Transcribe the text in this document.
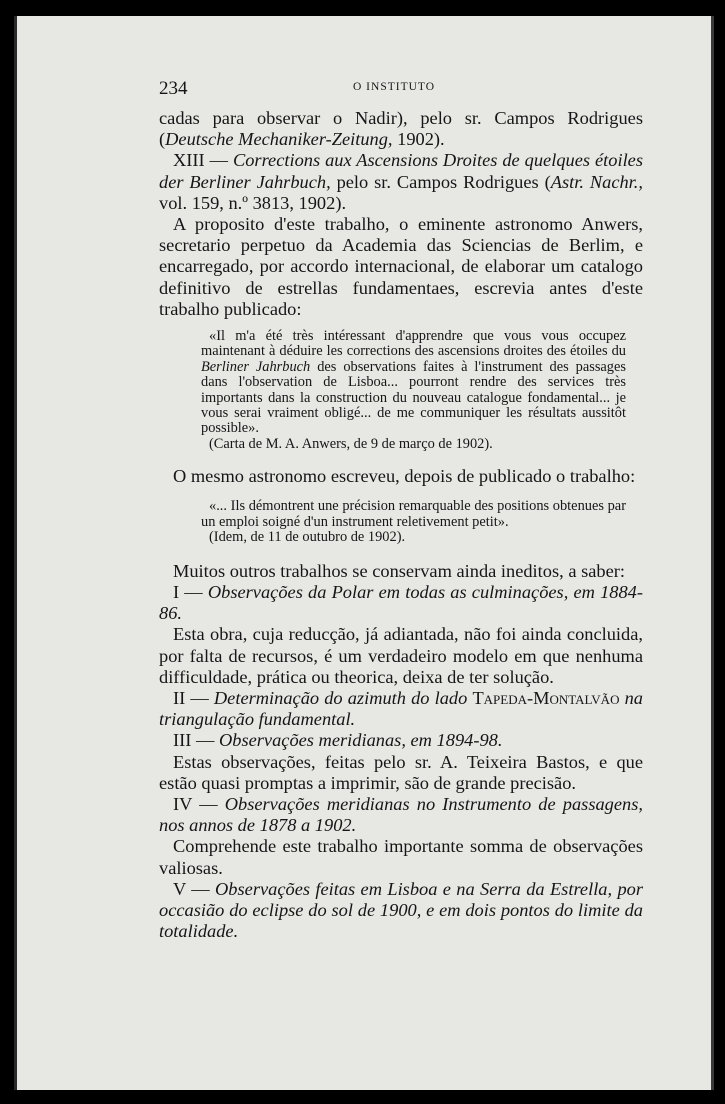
234	O INSTITUTO

cadas para observar o Nadir), pelo sr. Campos Rodrigues (Deutsche Mechaniker-Zeitung, 1902).

XIII — Corrections aux Ascensions Droites de quelques étoiles der Berliner Jahrbuch, pelo sr. Campos Rodrigues (Astr. Nachr., vol. 159, n.º 3813, 1902).

A proposito d'este trabalho, o eminente astronomo Anwers, secretario perpetuo da Academia das Sciencias de Berlim, e encarregado, por accordo internacional, de elaborar um catalogo definitivo de estrellas fundamentaes, escrevia antes d'este trabalho publicado:

«Il m'a été très intéressant d'apprendre que vous vous occupez maintenant à déduire les corrections des ascensions droites des étoiles du Berliner Jahrbuch des observations faites à l'instrument des passages dans l'observation de Lisboa... pourront rendre des services très importants dans la construction du nouveau catalogue fondamental... je vous serai vraiment obligé... de me communiquer les résultats aussitôt possible».

(Carta de M. A. Anwers, de 9 de março de 1902).

O mesmo astronomo escreveu, depois de publicado o trabalho:

«... Ils démontrent une précision remarquable des positions obtenues par un emploi soigné d'un instrument reletivement petit».

(Idem, de 11 de outubro de 1902).

Muitos outros trabalhos se conservam ainda ineditos, a saber:

I — Observações da Polar em todas as culminações, em 1884-86.

Esta obra, cuja reducção, já adiantada, não foi ainda concluida, por falta de recursos, é um verdadeiro modelo em que nenhuma difficuldade, prática ou theorica, deixa de ter solução.

II — Determinação do azimuth do lado Tapeda-Montalvão na triangulação fundamental.

III — Observações meridianas, em 1894-98.

Estas observações, feitas pelo sr. A. Teixeira Bastos, e que estão quasi promptas a imprimir, são de grande precisão.

IV — Observações meridianas no Instrumento de passagens, nos annos de 1878 a 1902.

Comprehende este trabalho importante somma de observações valiosas.

V — Observações feitas em Lisboa e na Serra da Estrella, por occasião do eclipse do sol de 1900, e em dois pontos do limite da totalidade.
